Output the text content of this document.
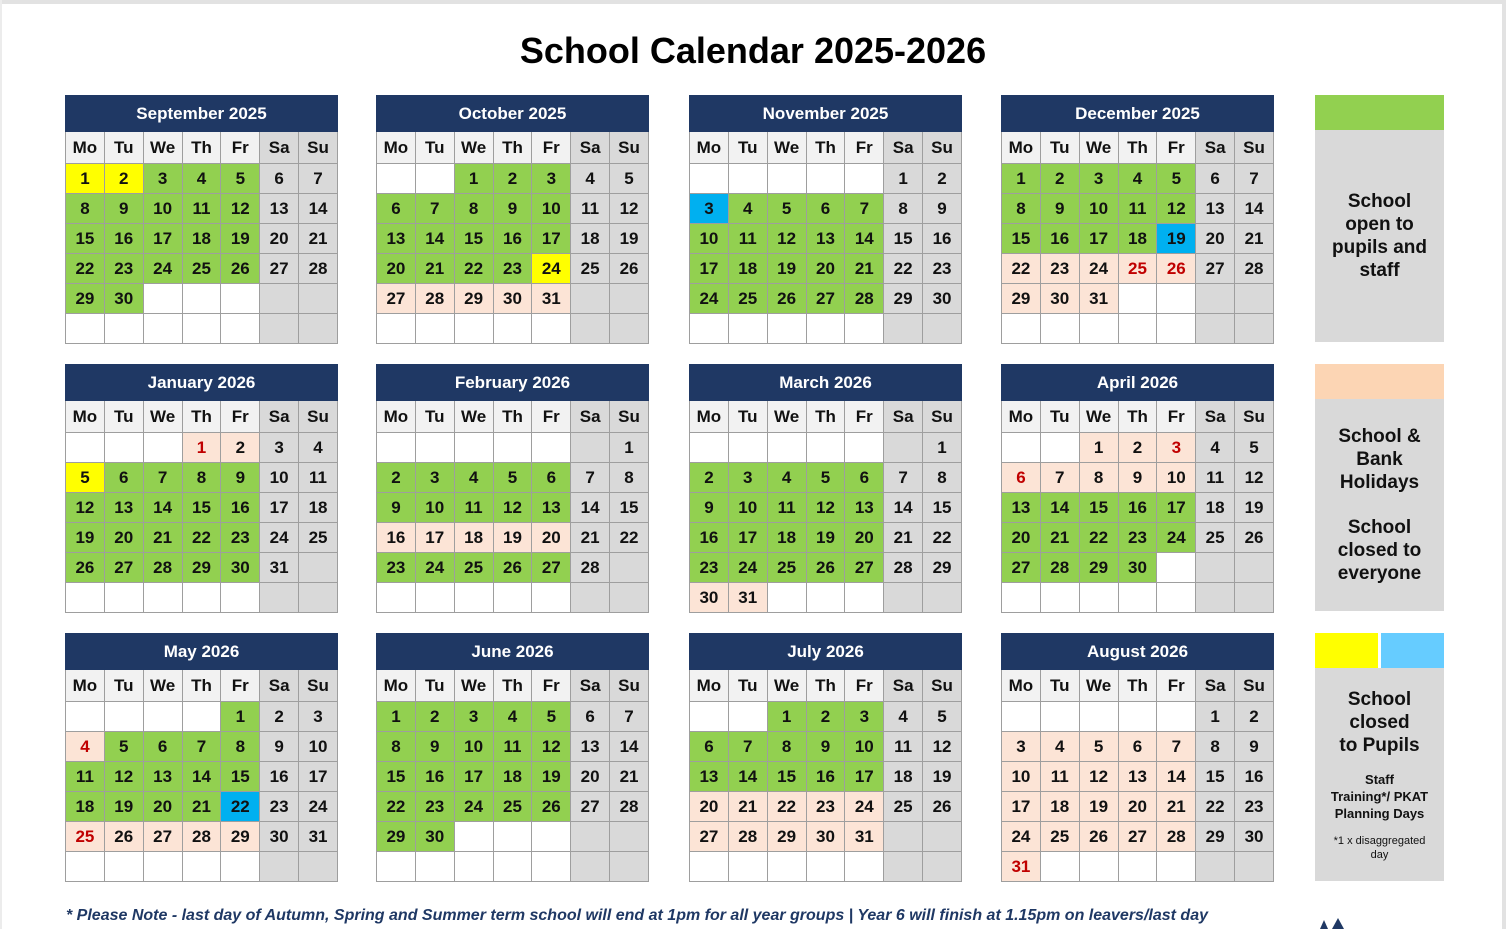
School Calendar 2025-2026
September 2025						
Mo	Tu	We	Th	Fr	Sa	Su
1	2	3	4	5	6	7
8	9	10	11	12	13	14
15	16	17	18	19	20	21
22	23	24	25	26	27	28
29	30					

October 2025						
Mo	Tu	We	Th	Fr	Sa	Su
		1	2	3	4	5
6	7	8	9	10	11	12
13	14	15	16	17	18	19
20	21	22	23	24	25	26
27	28	29	30	31		

November 2025						
Mo	Tu	We	Th	Fr	Sa	Su
					1	2
3	4	5	6	7	8	9
10	11	12	13	14	15	16
17	18	19	20	21	22	23
24	25	26	27	28	29	30

December 2025						
Mo	Tu	We	Th	Fr	Sa	Su
1	2	3	4	5	6	7
8	9	10	11	12	13	14
15	16	17	18	19	20	21
22	23	24	25	26	27	28
29	30	31				

January 2026						
Mo	Tu	We	Th	Fr	Sa	Su
			1	2	3	4
5	6	7	8	9	10	11
12	13	14	15	16	17	18
19	20	21	22	23	24	25
26	27	28	29	30	31	

February 2026						
Mo	Tu	We	Th	Fr	Sa	Su
						1
2	3	4	5	6	7	8
9	10	11	12	13	14	15
16	17	18	19	20	21	22
23	24	25	26	27	28	

March 2026						
Mo	Tu	We	Th	Fr	Sa	Su
						1
2	3	4	5	6	7	8
9	10	11	12	13	14	15
16	17	18	19	20	21	22
23	24	25	26	27	28	29
30	31					
April 2026						
Mo	Tu	We	Th	Fr	Sa	Su
		1	2	3	4	5
6	7	8	9	10	11	12
13	14	15	16	17	18	19
20	21	22	23	24	25	26
27	28	29	30			

May 2026						
Mo	Tu	We	Th	Fr	Sa	Su
				1	2	3
4	5	6	7	8	9	10
11	12	13	14	15	16	17
18	19	20	21	22	23	24
25	26	27	28	29	30	31

June 2026						
Mo	Tu	We	Th	Fr	Sa	Su
1	2	3	4	5	6	7
8	9	10	11	12	13	14
15	16	17	18	19	20	21
22	23	24	25	26	27	28
29	30					

July 2026						
Mo	Tu	We	Th	Fr	Sa	Su
		1	2	3	4	5
6	7	8	9	10	11	12
13	14	15	16	17	18	19
20	21	22	23	24	25	26
27	28	29	30	31		

August 2026						
Mo	Tu	We	Th	Fr	Sa	Su
					1	2
3	4	5	6	7	8	9
10	11	12	13	14	15	16
17	18	19	20	21	22	23
24	25	26	27	28	29	30
31						
School
open to
pupils and
staff
School &
Bank
Holidays
School
closed to
everyone
School
closed
to Pupils
Staff
Training*/ PKAT
Planning Days
*1 x disaggregated
day
* Please Note - last day of Autumn, Spring and Summer term school will end at 1pm for all year groups | Year 6 will finish at 1.15pm on leavers/last day
